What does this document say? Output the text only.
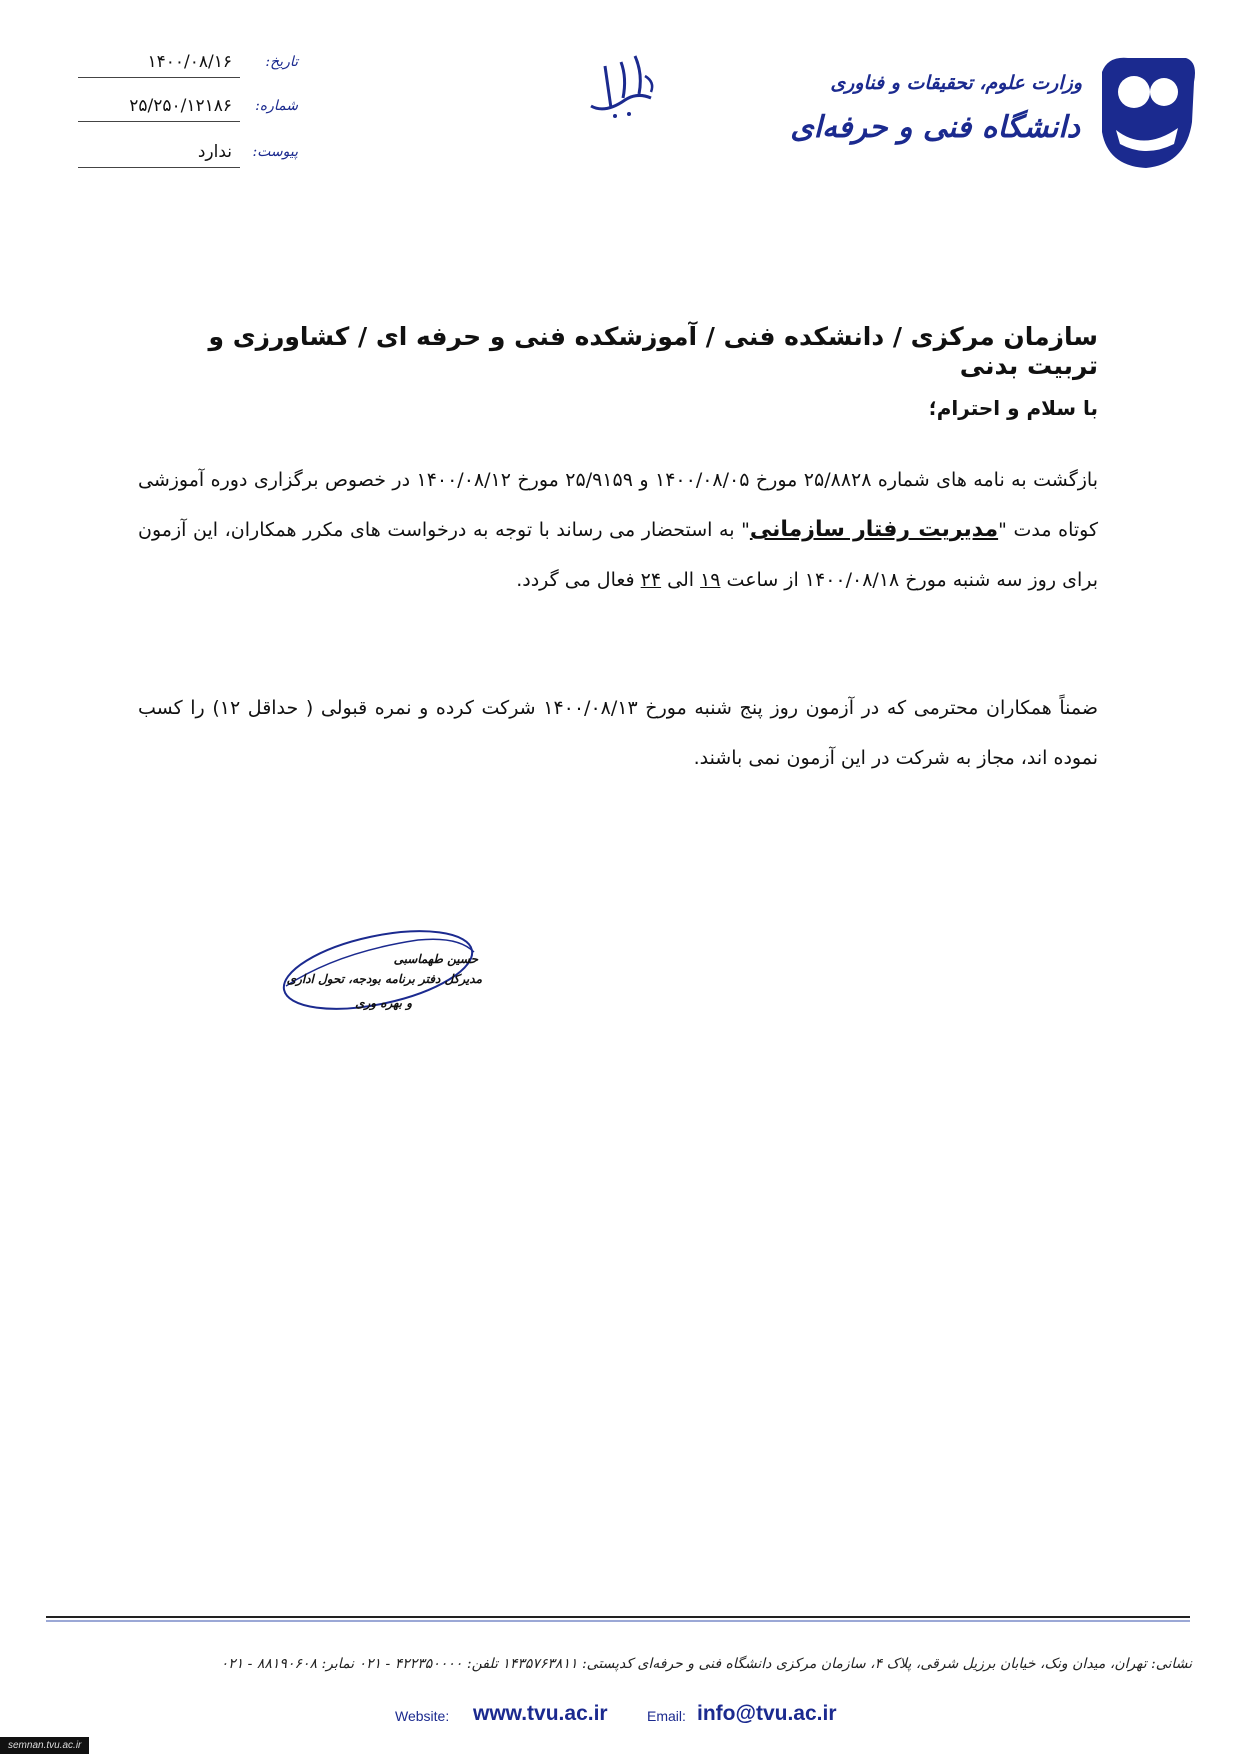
وزارت علوم، تحقیقات و فناوری
دانشگاه فنی و حرفه‌ای
تاریخ:
۱۴۰۰/۰۸/۱۶
شماره:
۲۵/۲۵۰/۱۲۱۸۶
پیوست:
ندارد
سازمان مرکزی / دانشکده فنی / آموزشکده فنی و حرفه ای / کشاورزی و تربیت بدنی
با سلام و احترام؛
بازگشت به نامه های شماره ۲۵/۸۸۲۸ مورخ ۱۴۰۰/۰۸/۰۵ و ۲۵/۹۱۵۹ مورخ ۱۴۰۰/۰۸/۱۲ در خصوص برگزاری دوره آموزشی کوتاه مدت "مدیریت رفتار سازمانی" به استحضار می رساند با توجه به درخواست های مکرر همکاران، این آزمون برای روز سه شنبه مورخ ۱۴۰۰/۰۸/۱۸ از ساعت ۱۹ الی ۲۴ فعال می گردد.
ضمناً همکاران محترمی که در آزمون روز پنج شنبه مورخ ۱۴۰۰/۰۸/۱۳ شرکت کرده و نمره قبولی ( حداقل ۱۲) را کسب نموده اند، مجاز به شرکت در این آزمون نمی باشند.
حسین طهماسبی
مدیرکل دفتر برنامه بودجه، تحول اداری
و بهره وری
نشانی: تهران، میدان ونک، خیابان برزیل شرقی، پلاک ۴، سازمان مرکزی دانشگاه فنی و حرفه‌ای کدپستی: ۱۴۳۵۷۶۳۸۱۱ تلفن: ۴۲۲۳۵۰۰۰۰ - ۰۲۱ نمابر: ۸۸۱۹۰۶۰۸ - ۰۲۱
Website: www.tvu.ac.ir	Email: info@tvu.ac.ir
semnan.tvu.ac.ir
